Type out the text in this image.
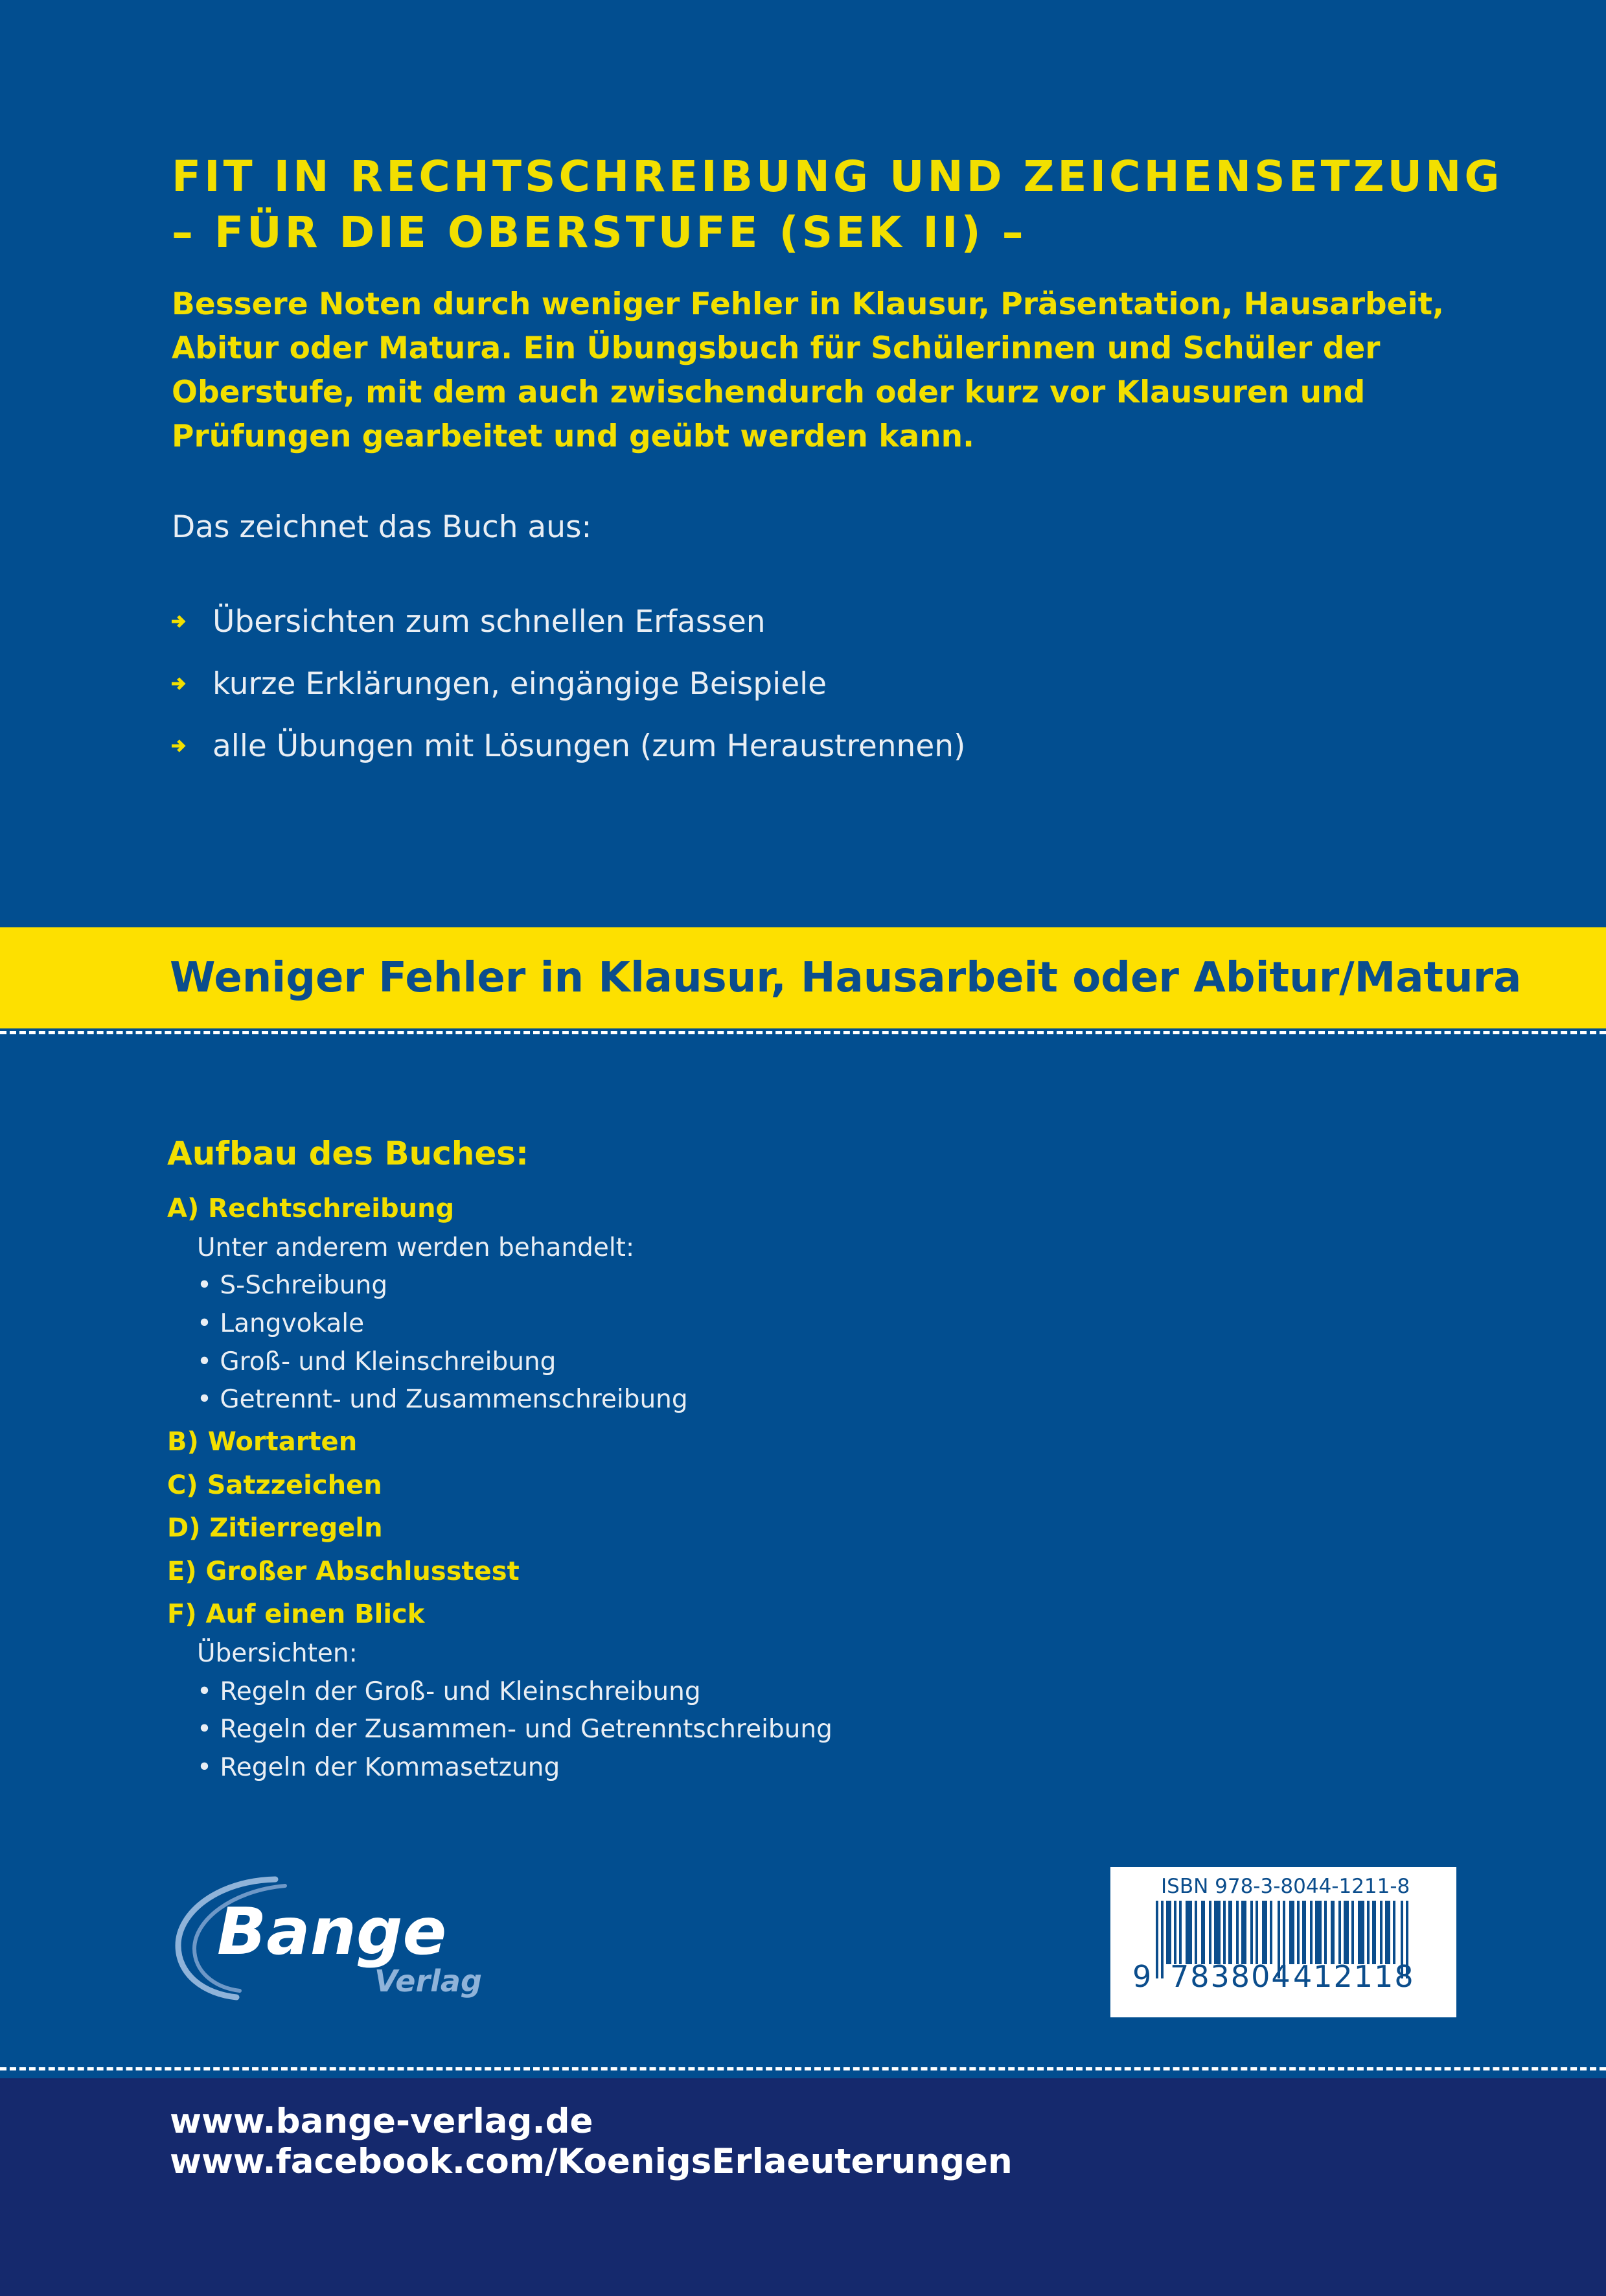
FIT IN RECHTSCHREIBUNG UND ZEICHENSETZUNG
– FÜR DIE OBERSTUFE (SEK II) –
Bessere Noten durch weniger Fehler in Klausur, Präsentation, Hausarbeit,
Abitur oder Matura. Ein Übungsbuch für Schülerinnen und Schüler der
Oberstufe, mit dem auch zwischendurch oder kurz vor Klausuren und
Prüfungen gearbeitet und geübt werden kann.
Das zeichnet das Buch aus:
Übersichten zum schnellen Erfassen
kurze Erklärungen, eingängige Beispiele
alle Übungen mit Lösungen (zum Heraustrennen)
Weniger Fehler in Klausur, Hausarbeit oder Abitur/Matura
Aufbau des Buches:
A) Rechtschreibung
Unter anderem werden behandelt:
• S-Schreibung
• Langvokale
• Groß- und Kleinschreibung
• Getrennt- und Zusammenschreibung
B) Wortarten
C) Satzzeichen
D) Zitierregeln
E) Großer Abschlusstest
F) Auf einen Blick
Übersichten:
• Regeln der Groß- und Kleinschreibung
• Regeln der Zusammen- und Getrenntschreibung
• Regeln der Kommasetzung
Bange
Verlag
ISBN 978-3-8044-1211-8
9 783804 412118
www.bange-verlag.de
www.facebook.com/KoenigsErlaeuterungen
